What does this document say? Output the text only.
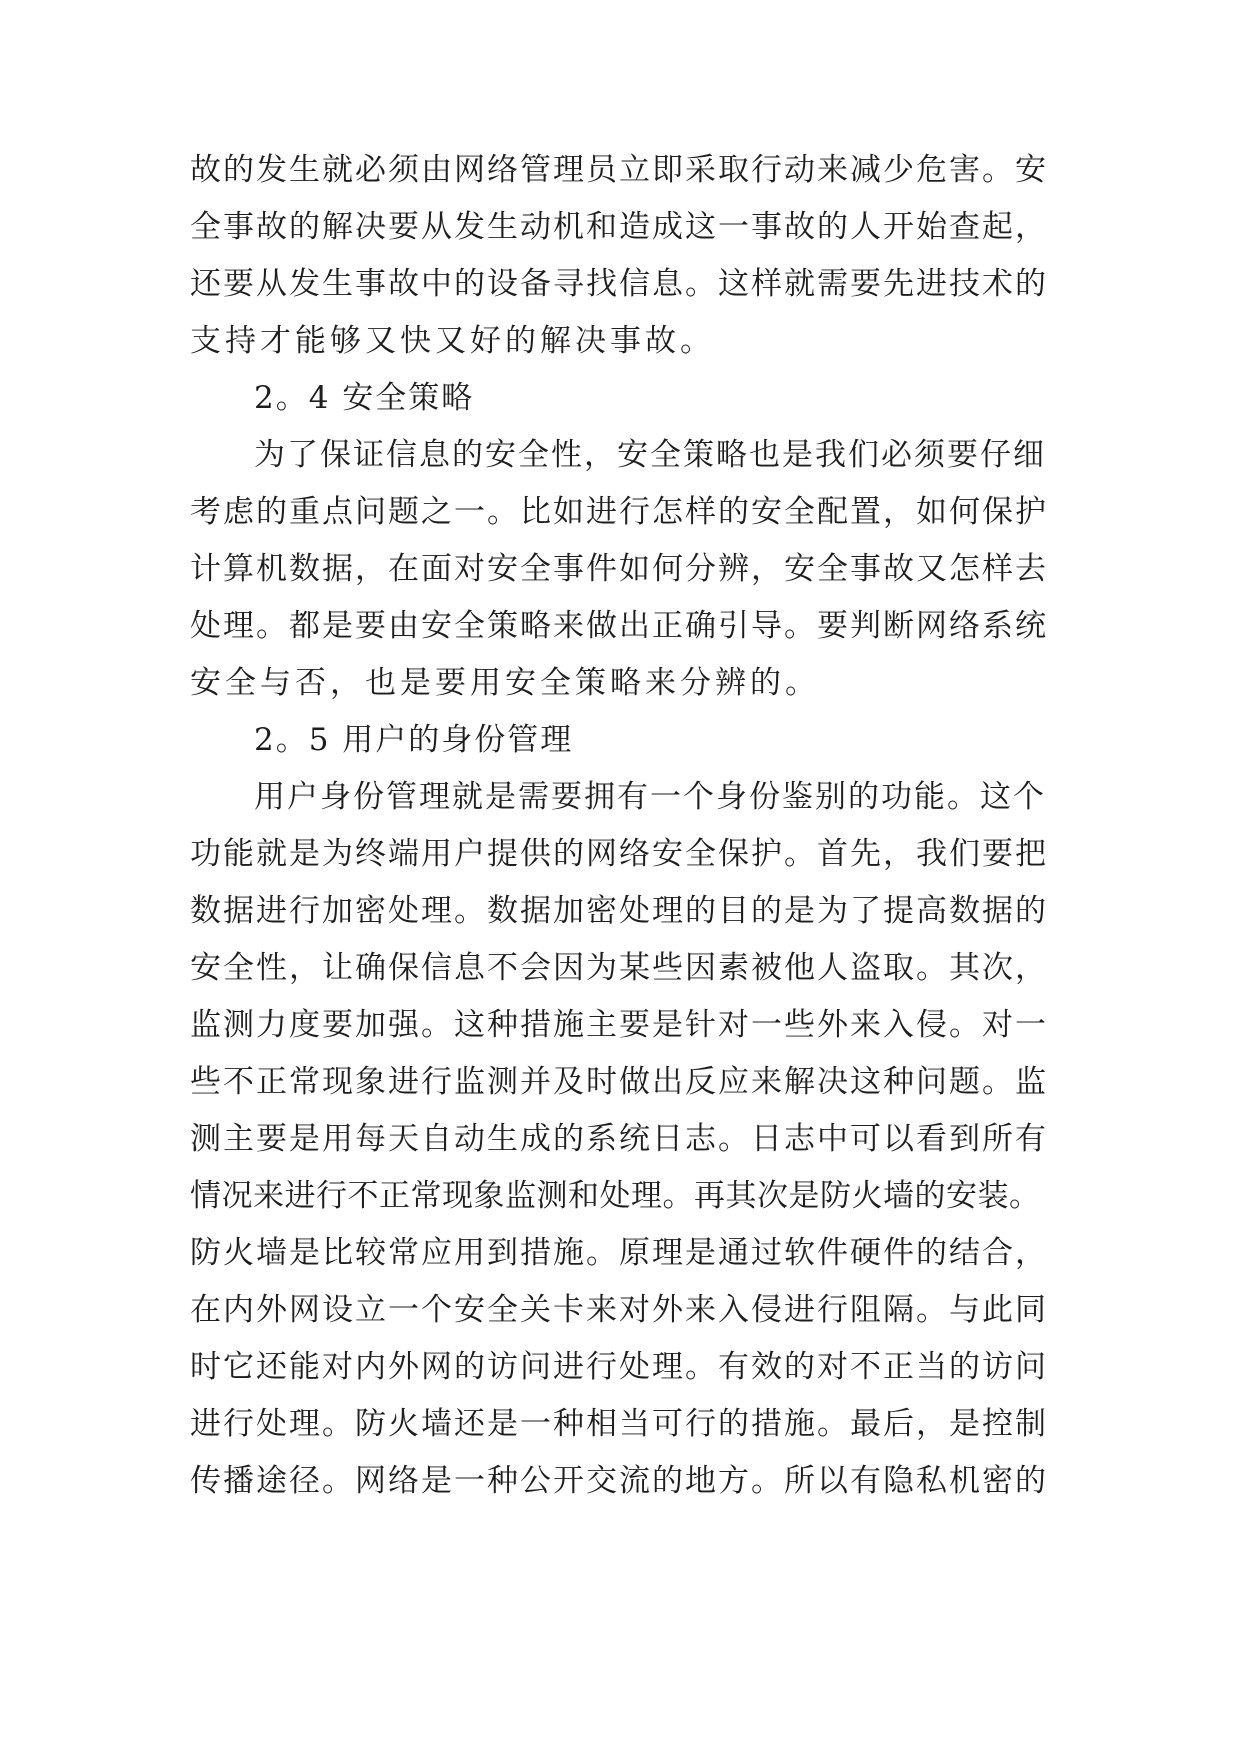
故的发生就必须由网络管理员立即采取行动来减少危害。安
全事故的解决要从发生动机和造成这一事故的人开始查起，
还要从发生事故中的设备寻找信息。这样就需要先进技术的
支持才能够又快又好的解决事故。
2。4 安全策略
为了保证信息的安全性，安全策略也是我们必须要仔细
考虑的重点问题之一。比如进行怎样的安全配置，如何保护
计算机数据，在面对安全事件如何分辨，安全事故又怎样去
处理。都是要由安全策略来做出正确引导。要判断网络系统
安全与否，也是要用安全策略来分辨的。
2。5 用户的身份管理
用户身份管理就是需要拥有一个身份鉴别的功能。这个
功能就是为终端用户提供的网络安全保护。首先，我们要把
数据进行加密处理。数据加密处理的目的是为了提高数据的
安全性，让确保信息不会因为某些因素被他人盗取。其次，
监测力度要加强。这种措施主要是针对一些外来入侵。对一
些不正常现象进行监测并及时做出反应来解决这种问题。监
测主要是用每天自动生成的系统日志。日志中可以看到所有
情况来进行不正常现象监测和处理。再其次是防火墙的安装。
防火墙是比较常应用到措施。原理是通过软件硬件的结合，
在内外网设立一个安全关卡来对外来入侵进行阻隔。与此同
时它还能对内外网的访问进行处理。有效的对不正当的访问
进行处理。防火墙还是一种相当可行的措施。最后，是控制
传播途径。网络是一种公开交流的地方。所以有隐私机密的
